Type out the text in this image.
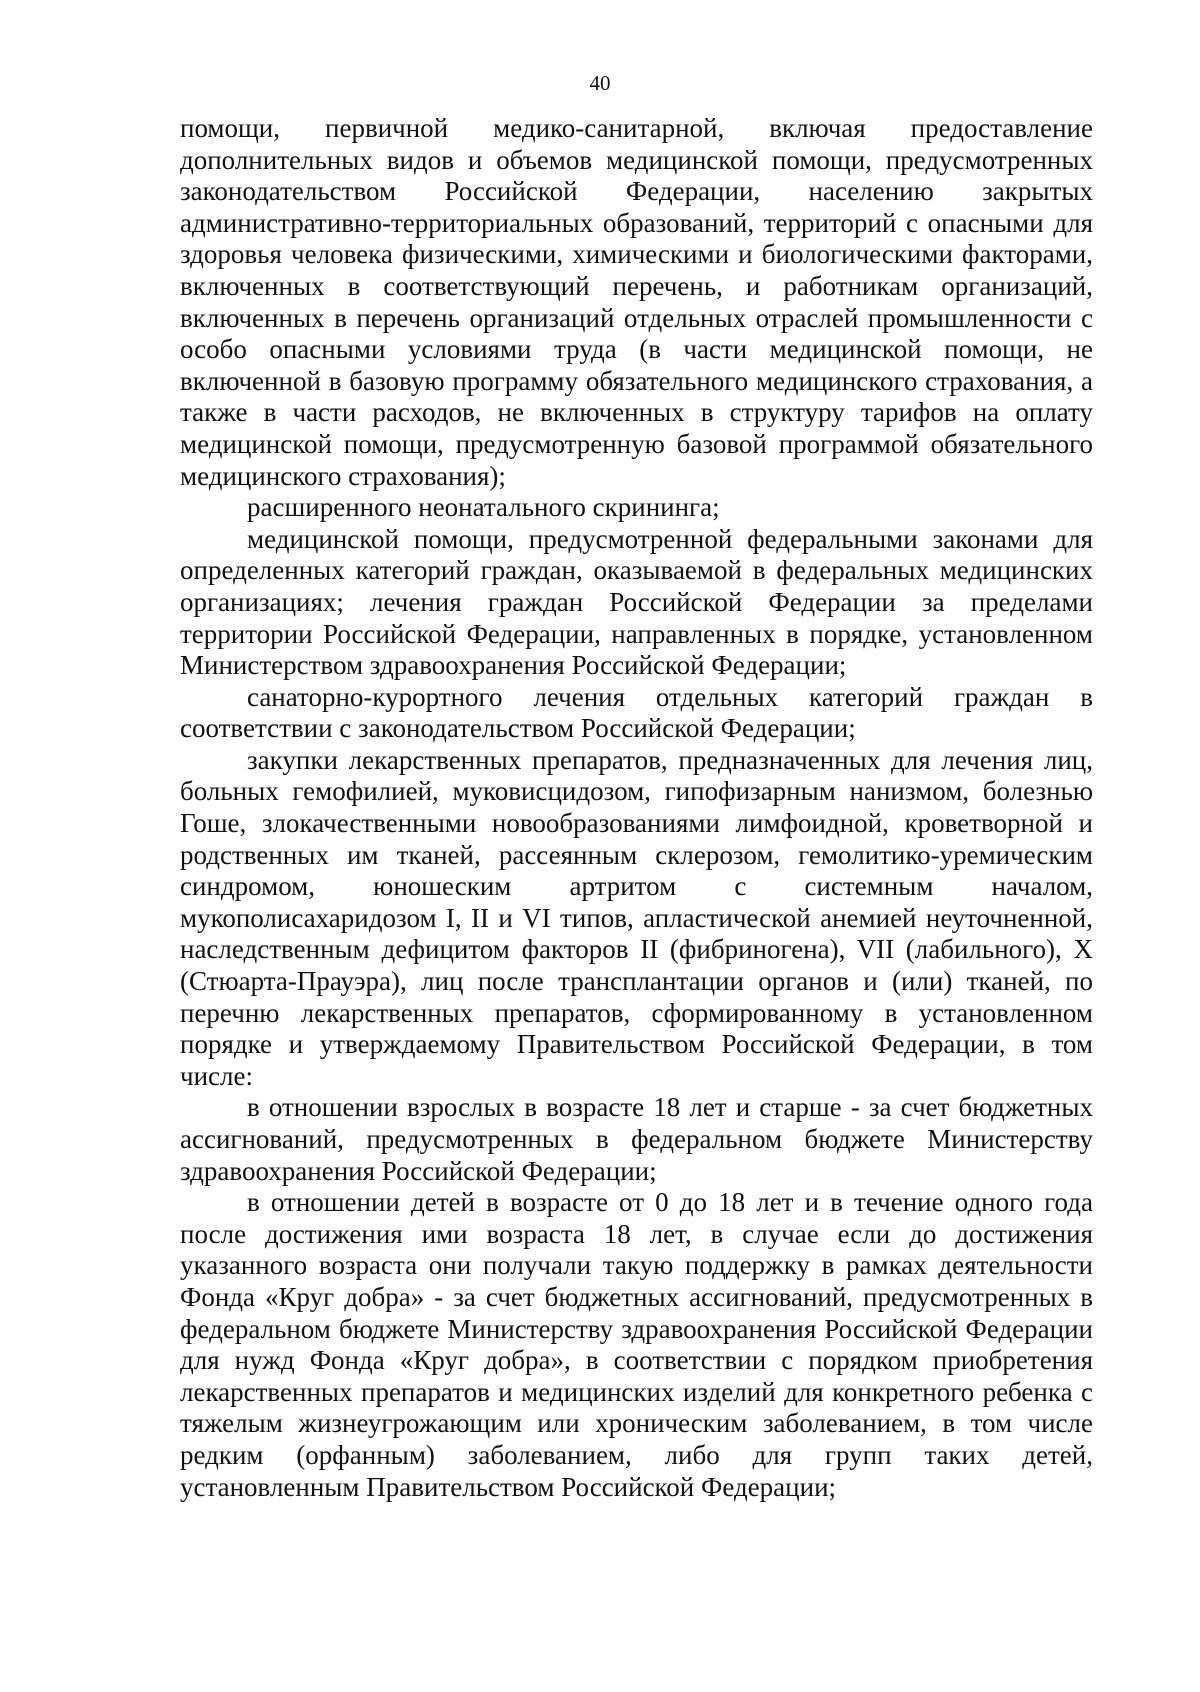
40

помощи, первичной медико-санитарной, включая предоставление дополнительных видов и объемов медицинской помощи, предусмотренных законодательством Российской Федерации, населению закрытых административно-территориальных образований, территорий с опасными для здоровья человека физическими, химическими и биологическими факторами, включенных в соответствующий перечень, и работникам организаций, включенных в перечень организаций отдельных отраслей промышленности с особо опасными условиями труда (в части медицинской помощи, не включенной в базовую программу обязательного медицинского страхования, а также в части расходов, не включенных в структуру тарифов на оплату медицинской помощи, предусмотренную базовой программой обязательного медицинского страхования);

расширенного неонатального скрининга;

медицинской помощи, предусмотренной федеральными законами для определенных категорий граждан, оказываемой в федеральных медицинских организациях; лечения граждан Российской Федерации за пределами территории Российской Федерации, направленных в порядке, установленном Министерством здравоохранения Российской Федерации;

санаторно-курортного лечения отдельных категорий граждан в соответствии с законодательством Российской Федерации;

закупки лекарственных препаратов, предназначенных для лечения лиц, больных гемофилией, муковисцидозом, гипофизарным нанизмом, болезнью Гоше, злокачественными новообразованиями лимфоидной, кроветворной и родственных им тканей, рассеянным склерозом, гемолитико-уремическим синдромом, юношеским артритом с системным началом, мукополисахаридозом I, II и VI типов, апластической анемией неуточненной, наследственным дефицитом факторов II (фибриногена), VII (лабильного), X (Стюарта-Прауэра), лиц после трансплантации органов и (или) тканей, по перечню лекарственных препаратов, сформированному в установленном порядке и утверждаемому Правительством Российской Федерации, в том числе:

в отношении взрослых в возрасте 18 лет и старше - за счет бюджетных ассигнований, предусмотренных в федеральном бюджете Министерству здравоохранения Российской Федерации;

в отношении детей в возрасте от 0 до 18 лет и в течение одного года после достижения ими возраста 18 лет, в случае если до достижения указанного возраста они получали такую поддержку в рамках деятельности Фонда «Круг добра» - за счет бюджетных ассигнований, предусмотренных в федеральном бюджете Министерству здравоохранения Российской Федерации для нужд Фонда «Круг добра», в соответствии с порядком приобретения лекарственных препаратов и медицинских изделий для конкретного ребенка с тяжелым жизнеугрожающим или хроническим заболеванием, в том числе редким (орфанным) заболеванием, либо для групп таких детей, установленным Правительством Российской Федерации;
